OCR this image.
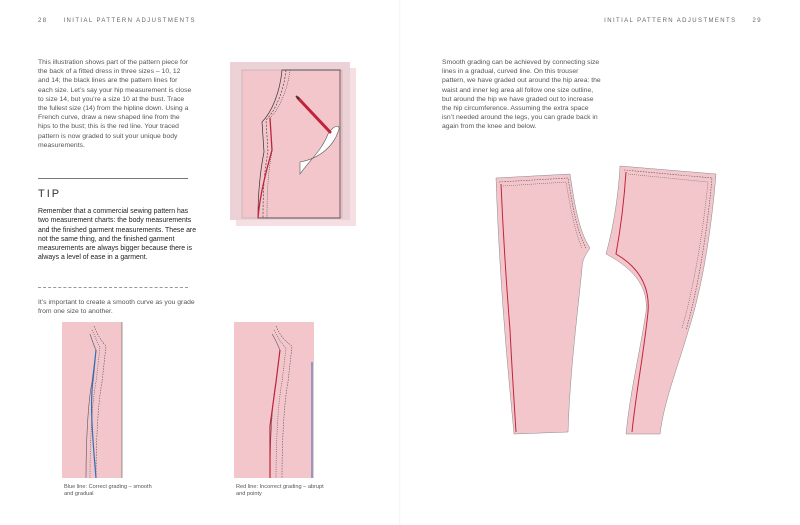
28	INITIAL PATTERN ADJUSTMENTS

This illustration shows part of the pattern piece for the back of a fitted dress in three sizes – 10, 12 and 14; the black lines are the pattern lines for each size. Let’s say your hip measurement is close to size 14, but you’re a size 10 at the bust. Trace the fullest size (14) from the hipline down. Using a French curve, draw a new shaped line from the hips to the bust; this is the red line. Your traced pattern is now graded to suit your unique body measurements.

TIP

Remember that a commercial sewing pattern has two measurement charts: the body measurements and the finished garment measurements. These are not the same thing, and the finished garment measurements are always bigger because there is always a level of ease in a garment.

It’s important to create a smooth curve as you grade from one size to another.

Blue line: Correct grading – smooth and gradual

Red line: Incorrect grading – abrupt and pointy

INITIAL PATTERN ADJUSTMENTS	29

Smooth grading can be achieved by connecting size lines in a gradual, curved line. On this trouser pattern, we have graded out around the hip area: the waist and inner leg area all follow one size outline, but around the hip we have graded out to increase the hip circumference. Assuming the extra space isn’t needed around the legs, you can grade back in again from the knee and below.
